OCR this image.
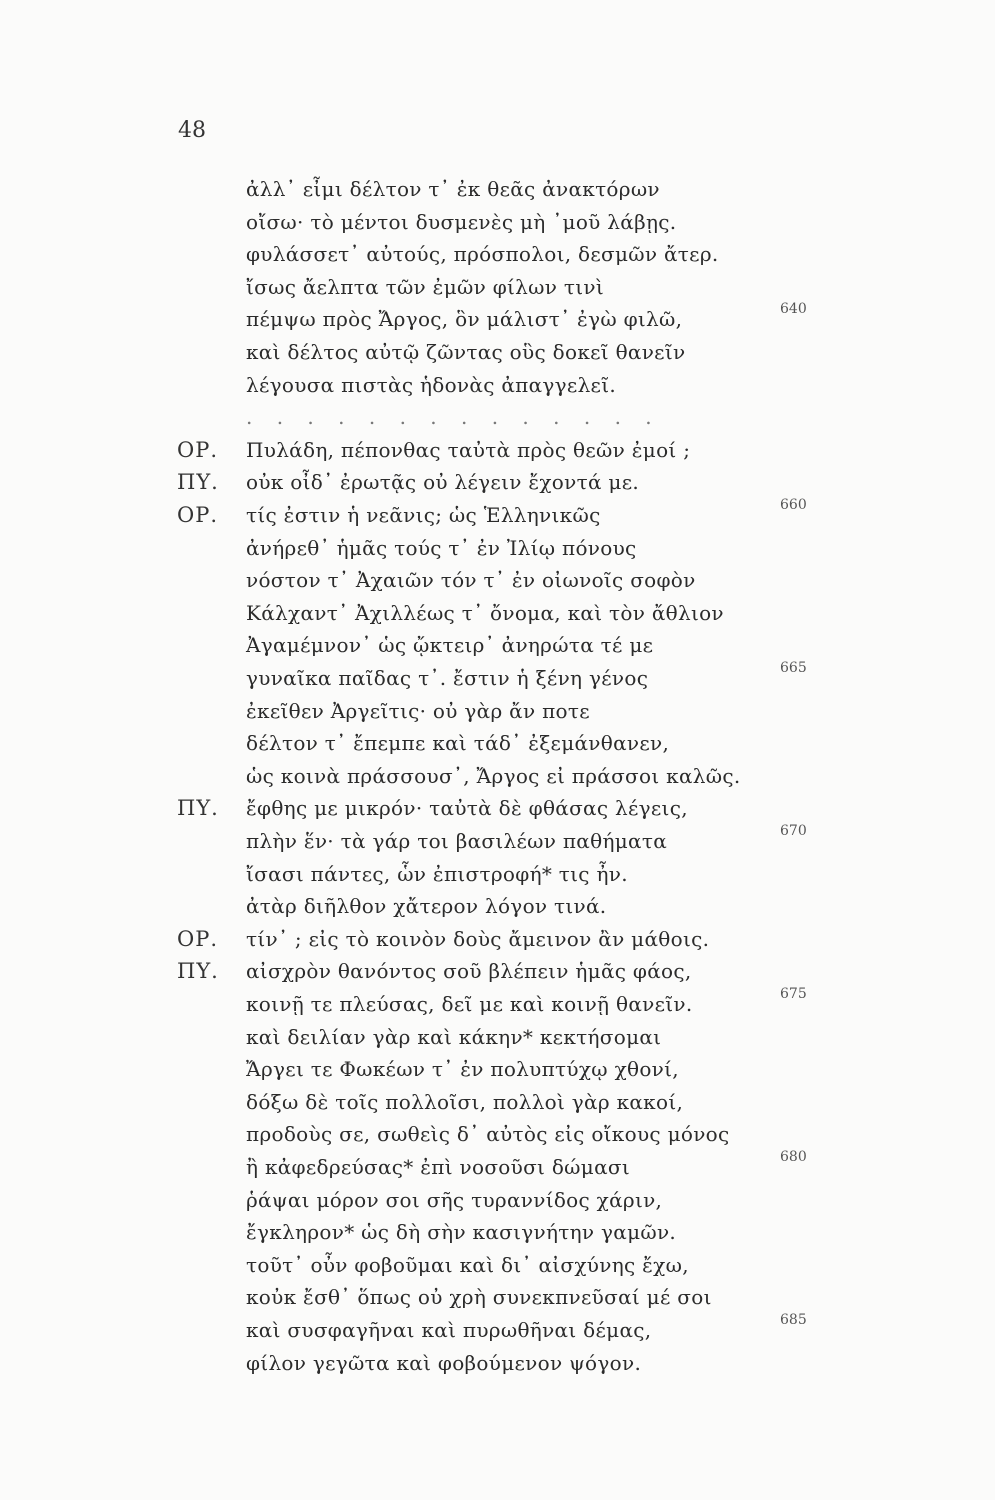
48
ἀλλ᾽ εἶμι δέλτον τ᾽ ἐκ θεᾶς ἀνακτόρων
οἴσω· τὸ μέντοι δυσμενὲς μὴ ᾽μοῦ λάβῃς.
φυλάσσετ᾽ αὐτούς, πρόσπολοι, δεσμῶν ἄτερ.
ἴσως ἄελπτα τῶν ἐμῶν φίλων τινὶ
πέμψω πρὸς Ἄργος, ὃν μάλιστ᾽ ἐγὼ φιλῶ,	640
καὶ δέλτος αὐτῷ ζῶντας οὓς δοκεῖ θανεῖν
λέγουσα πιστὰς ἡδονὰς ἀπαγγελεῖ.
. . . . . . . . . . . . . .
ΟΡ. Πυλάδη, πέπονθας ταὐτὰ πρὸς θεῶν ἐμοί ;
ΠΥ. οὐκ οἶδ᾽ ἐρωτᾷς οὐ λέγειν ἔχοντά με.
ΟΡ. τίς ἐστιν ἡ νεᾶνις; ὡς Ἑλληνικῶς	660
ἀνήρεθ᾽ ἡμᾶς τούς τ᾽ ἐν Ἰλίῳ πόνους
νόστον τ᾽ Ἀχαιῶν τόν τ᾽ ἐν οἰωνοῖς σοφὸν
Κάλχαντ᾽ Ἀχιλλέως τ᾽ ὄνομα, καὶ τὸν ἄθλιον
Ἀγαμέμνον᾽ ὡς ᾤκτειρ᾽ ἀνηρώτα τέ με
γυναῖκα παῖδας τ᾽. ἔστιν ἡ ξένη γένος	665
ἐκεῖθεν Ἀργεῖτις· οὐ γὰρ ἄν ποτε
δέλτον τ᾽ ἔπεμπε καὶ τάδ᾽ ἐξεμάνθανεν,
ὡς κοινὰ πράσσουσ᾽, Ἄργος εἰ πράσσοι καλῶς.
ΠΥ. ἔφθης με μικρόν· ταὐτὰ δὲ φθάσας λέγεις,
πλὴν ἕν· τὰ γάρ τοι βασιλέων παθήματα	670
ἴσασι πάντες, ὧν ἐπιστροφή* τις ἦν.
ἀτὰρ διῆλθον χἄτερον λόγον τινά.
ΟΡ. τίν᾽ ; εἰς τὸ κοινὸν δοὺς ἄμεινον ἂν μάθοις.
ΠΥ. αἰσχρὸν θανόντος σοῦ βλέπειν ἡμᾶς φάος,
κοινῇ τε πλεύσας, δεῖ με καὶ κοινῇ θανεῖν.	675
καὶ δειλίαν γὰρ καὶ κάκην* κεκτήσομαι
Ἄργει τε Φωκέων τ᾽ ἐν πολυπτύχῳ χθονί,
δόξω δὲ τοῖς πολλοῖσι, πολλοὶ γὰρ κακοί,
προδοὺς σε, σωθεὶς δ᾽ αὐτὸς εἰς οἴκους μόνος
ἢ κἀφεδρεύσας* ἐπὶ νοσοῦσι δώμασι	680
ῥάψαι μόρον σοι σῆς τυραννίδος χάριν,
ἔγκληρον* ὡς δὴ σὴν κασιγνήτην γαμῶν.
τοῦτ᾽ οὖν φοβοῦμαι καὶ δι᾽ αἰσχύνης ἔχω,
κοὐκ ἔσθ᾽ ὅπως οὐ χρὴ συνεκπνεῦσαί μέ σοι
καὶ συσφαγῆναι καὶ πυρωθῆναι δέμας,	685
φίλον γεγῶτα καὶ φοβούμενον ψόγον.
